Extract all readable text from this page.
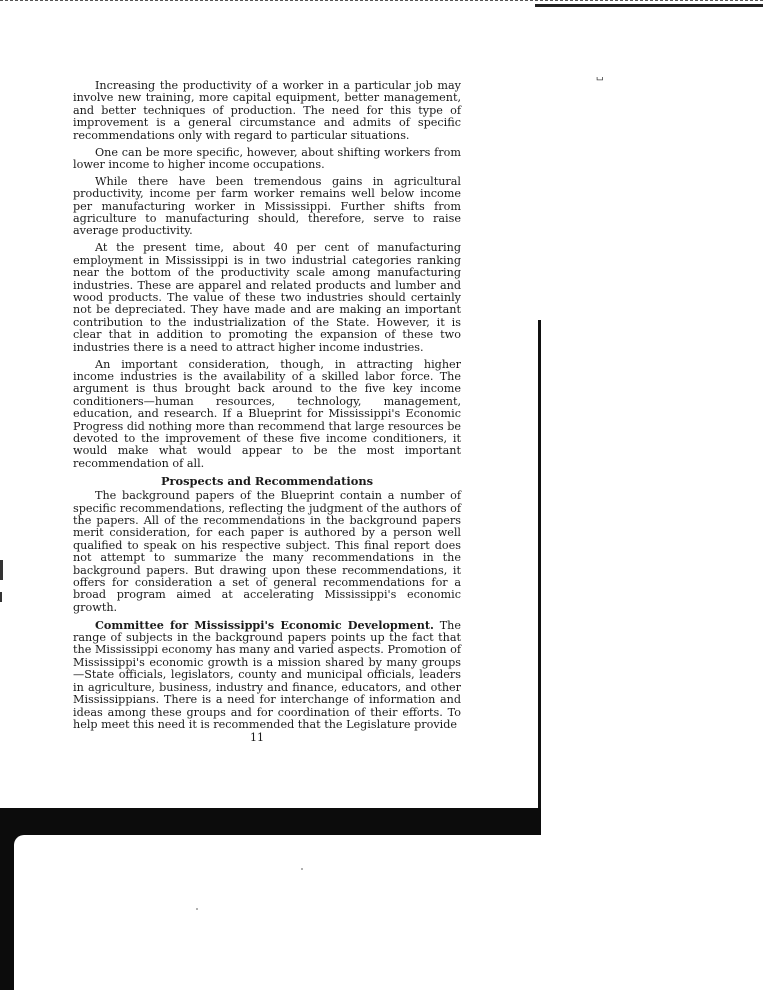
␣

Increasing the productivity of a worker in a particular job may involve new training, more capital equipment, better management, and better techniques of production. The need for this type of improvement is a general circumstance and admits of specific recommendations only with regard to particular situations.

One can be more specific, however, about shifting workers from lower income to higher income occupations.

While there have been tremendous gains in agricultural productivity, income per farm worker remains well below income per manufacturing worker in Mississippi. Further shifts from agriculture to manufacturing should, therefore, serve to raise average productivity.

At the present time, about 40 per cent of manufacturing employment in Mississippi is in two industrial categories ranking near the bottom of the productivity scale among manufacturing industries. These are apparel and related products and lumber and wood products. The value of these two industries should certainly not be depreciated. They have made and are making an important contribution to the industrialization of the State. However, it is clear that in addition to promoting the expansion of these two industries there is a need to attract higher income industries.

An important consideration, though, in attracting higher income industries is the availability of a skilled labor force. The argument is thus brought back around to the five key income conditioners—human resources, technology, management, education, and research. If a Blueprint for Mississippi's Economic Progress did nothing more than recommend that large resources be devoted to the improvement of these five income conditioners, it would make what would appear to be the most important recommendation of all.

Prospects and Recommendations

The background papers of the Blueprint contain a number of specific recommendations, reflecting the judgment of the authors of the papers. All of the recommendations in the background papers merit consideration, for each paper is authored by a person well qualified to speak on his respective subject. This final report does not attempt to summarize the many recommendations in the background papers. But drawing upon these recommendations, it offers for consideration a set of general recommendations for a broad program aimed at accelerating Mississippi's economic growth.

Committee for Mississippi's Economic Development. The range of subjects in the background papers points up the fact that the Mississippi economy has many and varied aspects. Promotion of Mississippi's economic growth is a mission shared by many groups—State officials, legislators, county and municipal officials, leaders in agriculture, business, industry and finance, educators, and other Mississippians. There is a need for interchange of information and ideas among these groups and for coordination of their efforts. To help meet this need it is recommended that the Legislature provide

11
